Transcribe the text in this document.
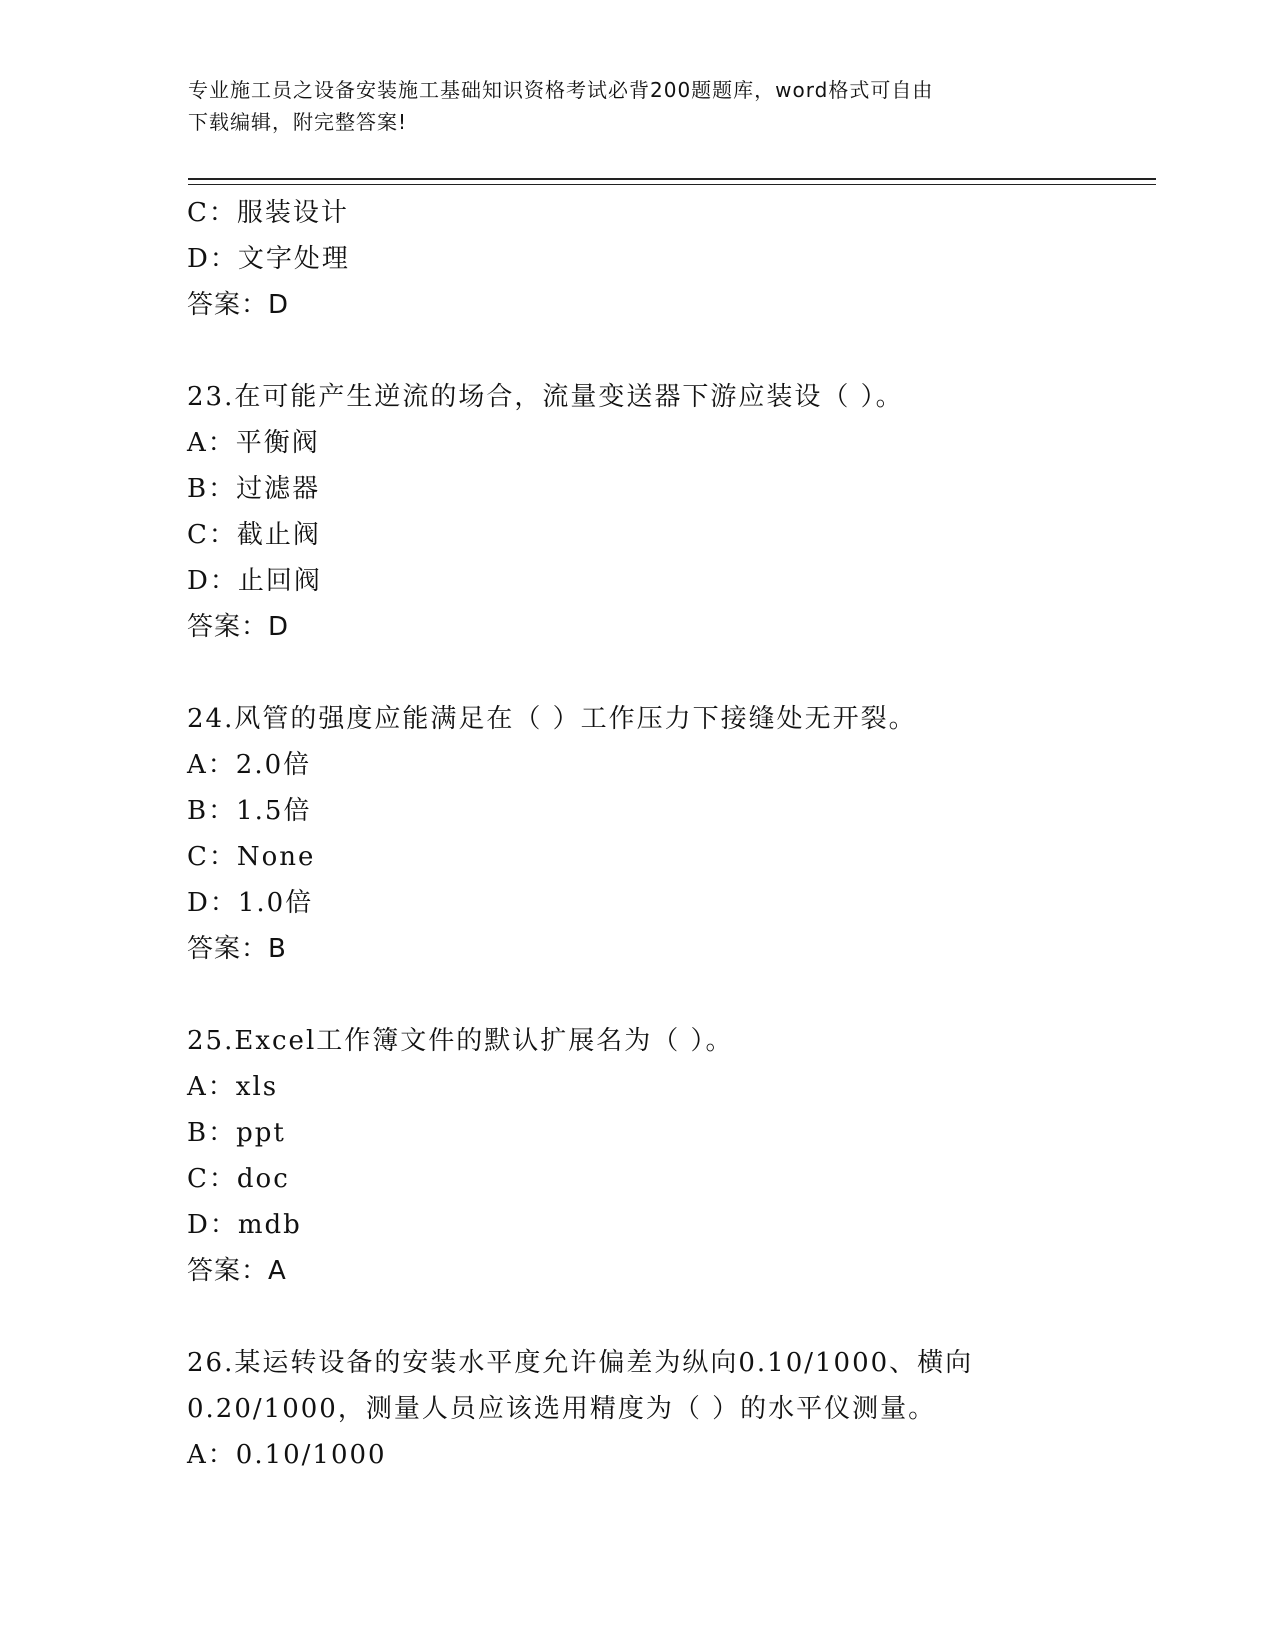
专业施工员之设备安装施工基础知识资格考试必背200题题库，word格式可自由
下载编辑，附完整答案!
C：服装设计
D：文字处理
答案：D
23.在可能产生逆流的场合，流量变送器下游应装设（ ）。
A：平衡阀
B：过滤器
C：截止阀
D：止回阀
答案：D
24.风管的强度应能满足在（ ）工作压力下接缝处无开裂。
A：2.0倍
B：1.5倍
C：None
D：1.0倍
答案：B
25.Excel工作簿文件的默认扩展名为（ ）。
A：xls
B：ppt
C：doc
D：mdb
答案：A
26.某运转设备的安装水平度允许偏差为纵向0.10/1000、横向
0.20/1000，测量人员应该选用精度为（ ）的水平仪测量。
A：0.10/1000
